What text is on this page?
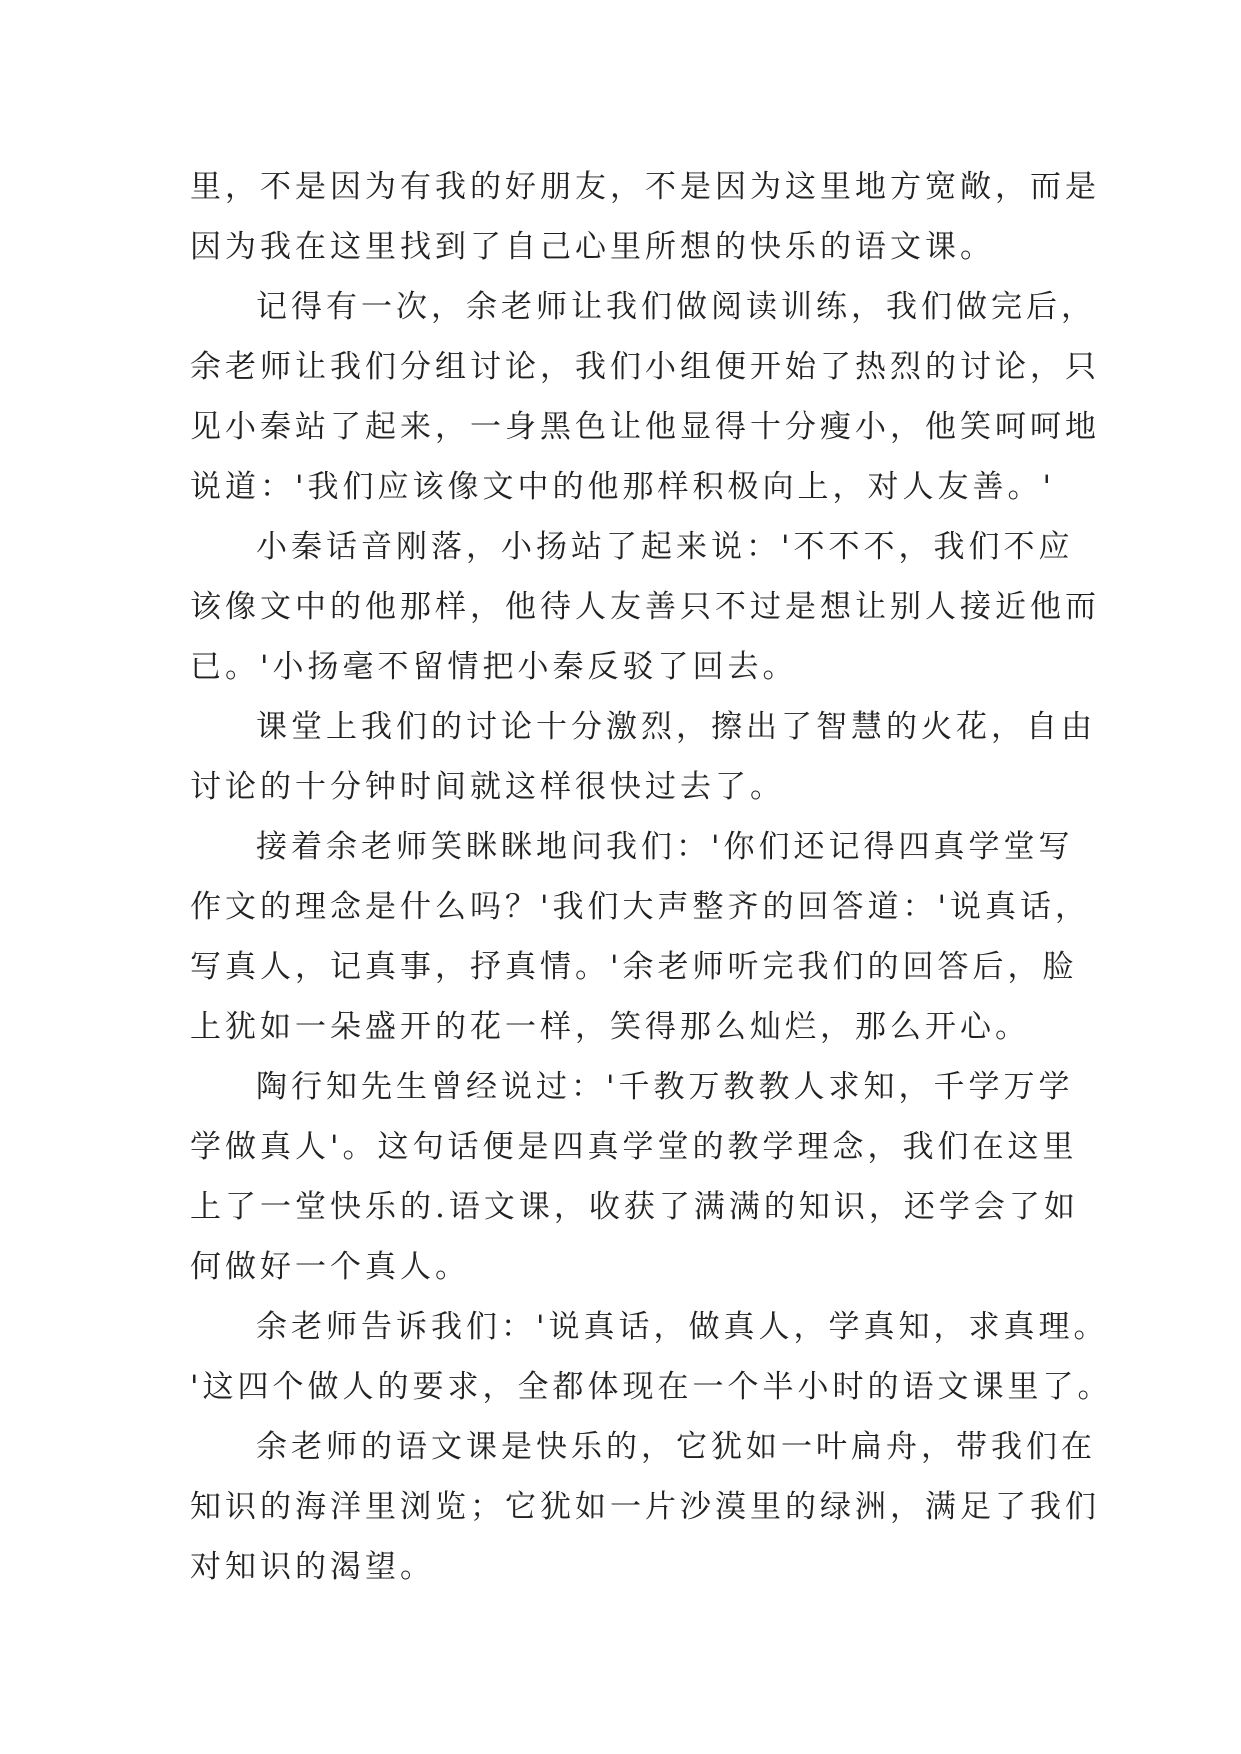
里，不是因为有我的好朋友，不是因为这里地方宽敞，而是
因为我在这里找到了自己心里所想的快乐的语文课。
记得有一次，余老师让我们做阅读训练，我们做完后，
余老师让我们分组讨论，我们小组便开始了热烈的讨论，只
见小秦站了起来，一身黑色让他显得十分瘦小，他笑呵呵地
说道：'我们应该像文中的他那样积极向上，对人友善。'
小秦话音刚落，小扬站了起来说：'不不不，我们不应
该像文中的他那样，他待人友善只不过是想让别人接近他而
已。'小扬毫不留情把小秦反驳了回去。
课堂上我们的讨论十分激烈，擦出了智慧的火花，自由
讨论的十分钟时间就这样很快过去了。
接着余老师笑眯眯地问我们：'你们还记得四真学堂写
作文的理念是什么吗？'我们大声整齐的回答道：'说真话，
写真人，记真事，抒真情。'余老师听完我们的回答后，脸
上犹如一朵盛开的花一样，笑得那么灿烂，那么开心。
陶行知先生曾经说过：'千教万教教人求知，千学万学
学做真人'。这句话便是四真学堂的教学理念，我们在这里
上了一堂快乐的.语文课，收获了满满的知识，还学会了如
何做好一个真人。
余老师告诉我们：'说真话，做真人，学真知，求真理。
'这四个做人的要求，全都体现在一个半小时的语文课里了。
余老师的语文课是快乐的，它犹如一叶扁舟，带我们在
知识的海洋里浏览；它犹如一片沙漠里的绿洲，满足了我们
对知识的渴望。
